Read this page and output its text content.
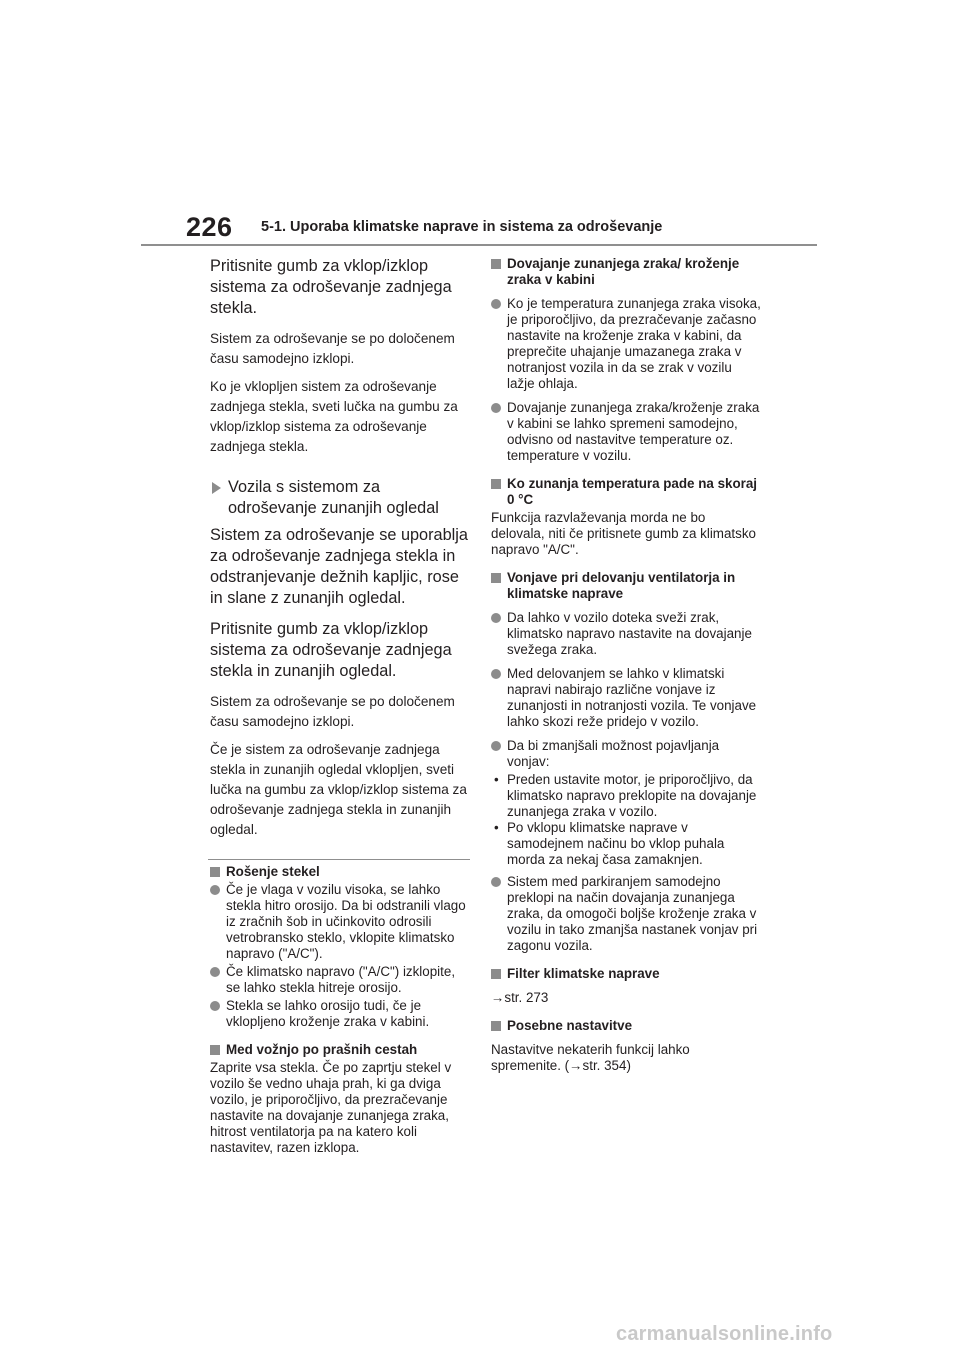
226 5-1. Uporaba klimatske naprave in sistema za odroševanje

Pritisnite gumb za vklop/izklop sistema za odroševanje zadnjega stekla.

Sistem za odroševanje se po določenem času samodejno izklopi.

Ko je vklopljen sistem za odroševanje zadnjega stekla, sveti lučka na gumbu za vklop/izklop sistema za odroševanje zadnjega stekla.

Vozila s sistemom za odroševanje zunanjih ogledal

Sistem za odroševanje se uporablja za odroševanje zadnjega stekla in odstranjevanje dežnih kapljic, rose in slane z zunanjih ogledal.

Pritisnite gumb za vklop/izklop sistema za odroševanje zadnjega stekla in zunanjih ogledal.

Sistem za odroševanje se po določenem času samodejno izklopi.

Če je sistem za odroševanje zadnjega stekla in zunanjih ogledal vklopljen, sveti lučka na gumbu za vklop/izklop sistema za odroševanje zadnjega stekla in zunanjih ogledal.

Rošenje stekel
Če je vlaga v vozilu visoka, se lahko stekla hitro orosijo. Da bi odstranili vlago iz zračnih šob in učinkovito odrosili vetrobransko steklo, vklopite klimatsko napravo ("A/C").
Če klimatsko napravo ("A/C") izklopite, se lahko stekla hitreje orosijo.
Stekla se lahko orosijo tudi, če je vklopljeno kroženje zraka v kabini.
Med vožnjo po prašnih cestah

Zaprite vsa stekla. Če po zaprtju stekel v vozilo še vedno uhaja prah, ki ga dviga vozilo, je priporočljivo, da prezračevanje nastavite na dovajanje zunanjega zraka, hitrost ventilatorja pa na katero koli nastavitev, razen izklopa.

Dovajanje zunanjega zraka/ kroženje zraka v kabini
Ko je temperatura zunanjega zraka visoka, je priporočljivo, da prezračevanje začasno nastavite na kroženje zraka v kabini, da preprečite uhajanje umazanega zraka v notranjost vozila in da se zrak v vozilu lažje ohlaja.
Dovajanje zunanjega zraka/kroženje zraka v kabini se lahko spremeni samodejno, odvisno od nastavitve temperature oz. temperature v vozilu.
Ko zunanja temperatura pade na skoraj 0 °C

Funkcija razvlaževanja morda ne bo delovala, niti če pritisnete gumb za klimatsko napravo "A/C".

Vonjave pri delovanju ventilatorja in klimatske naprave
Da lahko v vozilo doteka sveži zrak, klimatsko napravo nastavite na dovajanje svežega zraka.
Med delovanjem se lahko v klimatski napravi nabirajo različne vonjave iz zunanjosti in notranjosti vozila. Te vonjave lahko skozi reže pridejo v vozilo.
Da bi zmanjšali možnost pojavljanja vonjav:
• Preden ustavite motor, je priporočljivo, da klimatsko napravo preklopite na dovajanje zunanjega zraka v vozilo.
• Po vklopu klimatske naprave v samodejnem načinu bo vklop puhala morda za nekaj časa zamaknjen.
Sistem med parkiranjem samodejno preklopi na način dovajanja zunanjega zraka, da omogoči boljše kroženje zraka v vozilu in tako zmanjša nastanek vonjav pri zagonu vozila.
Filter klimatske naprave

→str. 273

Posebne nastavitve

Nastavitve nekaterih funkcij lahko spremenite. (→str. 354)

carmanualsonline.info
